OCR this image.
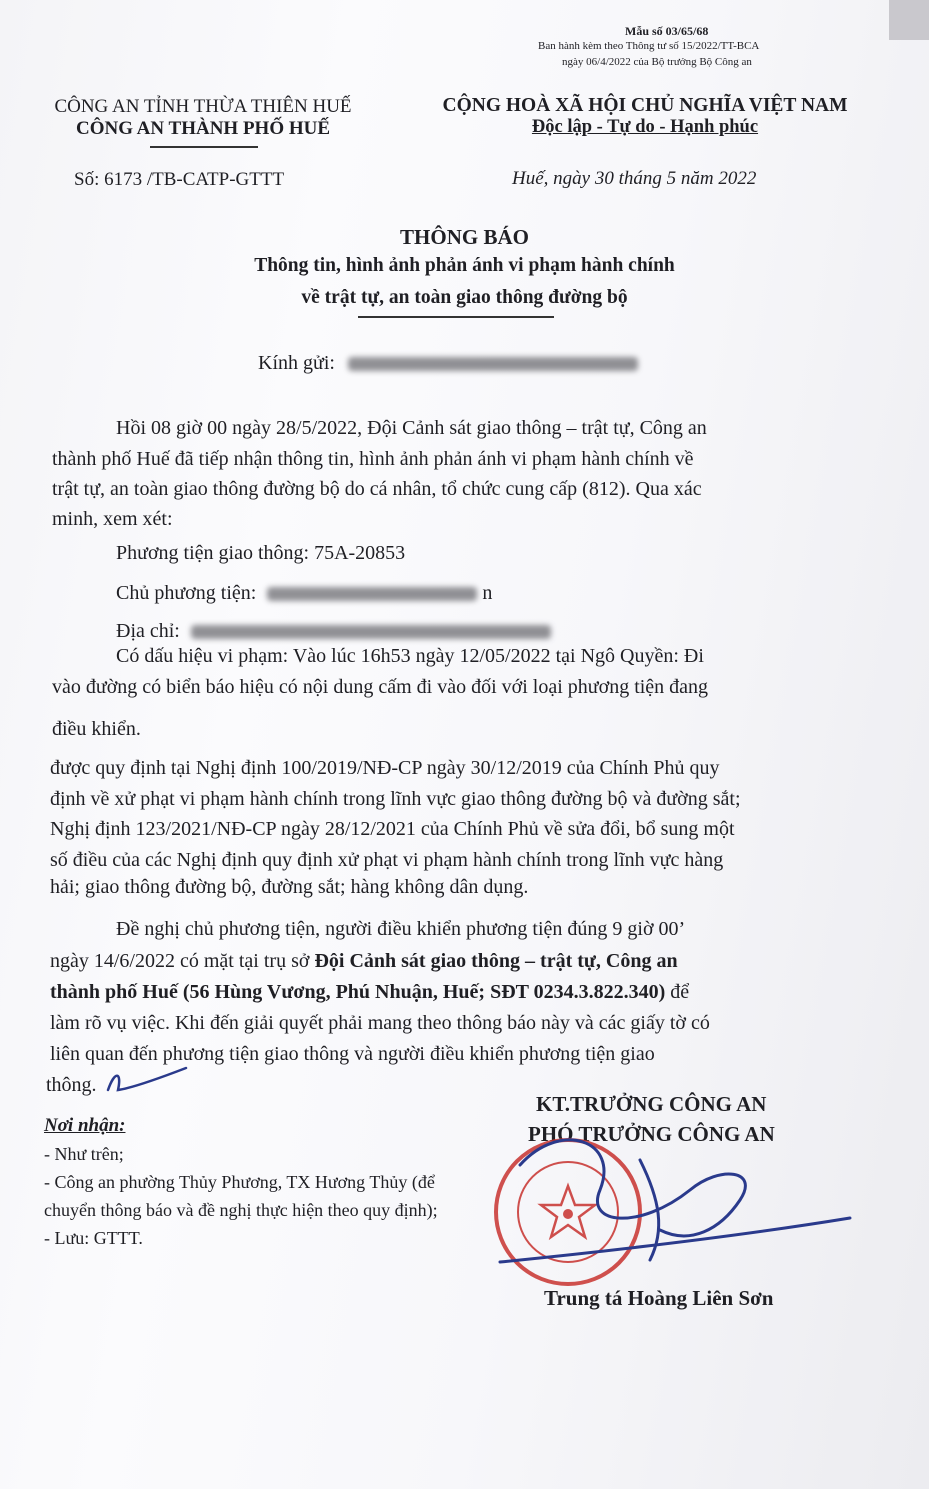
Mẫu số 03/65/68
Ban hành kèm theo Thông tư số 15/2022/TT-BCA
ngày 06/4/2022 của Bộ trưởng Bộ Công an
CÔNG AN TỈNH THỪA THIÊN HUẾ
CÔNG AN THÀNH PHỐ HUẾ
CỘNG HOÀ XÃ HỘI CHỦ NGHĨA VIỆT NAM
Độc lập - Tự do - Hạnh phúc
Số: 6173 /TB-CATP-GTTT	Huế, ngày 30 tháng 5 năm 2022
THÔNG BÁO
Thông tin, hình ảnh phản ánh vi phạm hành chính
về trật tự, an toàn giao thông đường bộ
Kính gửi:
Hồi 08 giờ 00 ngày 28/5/2022, Đội Cảnh sát giao thông – trật tự, Công an
thành phố Huế đã tiếp nhận thông tin, hình ảnh phản ánh vi phạm hành chính về
trật tự, an toàn giao thông đường bộ do cá nhân, tổ chức cung cấp (812). Qua xác
minh, xem xét:
Phương tiện giao thông: 75A-20853
Chủ phương tiện:	n
Địa chỉ:
Có dấu hiệu vi phạm: Vào lúc 16h53 ngày 12/05/2022 tại Ngô Quyền: Đi
vào đường có biển báo hiệu có nội dung cấm đi vào đối với loại phương tiện đang
điều khiển.
được quy định tại Nghị định 100/2019/NĐ-CP ngày 30/12/2019 của Chính Phủ quy
định về xử phạt vi phạm hành chính trong lĩnh vực giao thông đường bộ và đường sắt;
Nghị định 123/2021/NĐ-CP ngày 28/12/2021 của Chính Phủ về sửa đổi, bổ sung một
số điều của các Nghị định quy định xử phạt vi phạm hành chính trong lĩnh vực hàng
hải; giao thông đường bộ, đường sắt; hàng không dân dụng.
Đề nghị chủ phương tiện, người điều khiển phương tiện đúng 9 giờ 00’
ngày 14/6/2022 có mặt tại trụ sở Đội Cảnh sát giao thông – trật tự, Công an
thành phố Huế (56 Hùng Vương, Phú Nhuận, Huế; SĐT 0234.3.822.340) để
làm rõ vụ việc. Khi đến giải quyết phải mang theo thông báo này và các giấy tờ có
liên quan đến phương tiện giao thông và người điều khiển phương tiện giao
thông.
Nơi nhận:
- Như trên;
- Công an phường Thủy Phương, TX Hương Thủy (để chuyển thông báo và đề nghị thực hiện theo quy định);
- Lưu: GTTT.
KT.TRƯỞNG CÔNG AN
PHÓ TRƯỞNG CÔNG AN
Trung tá Hoàng Liên Sơn
